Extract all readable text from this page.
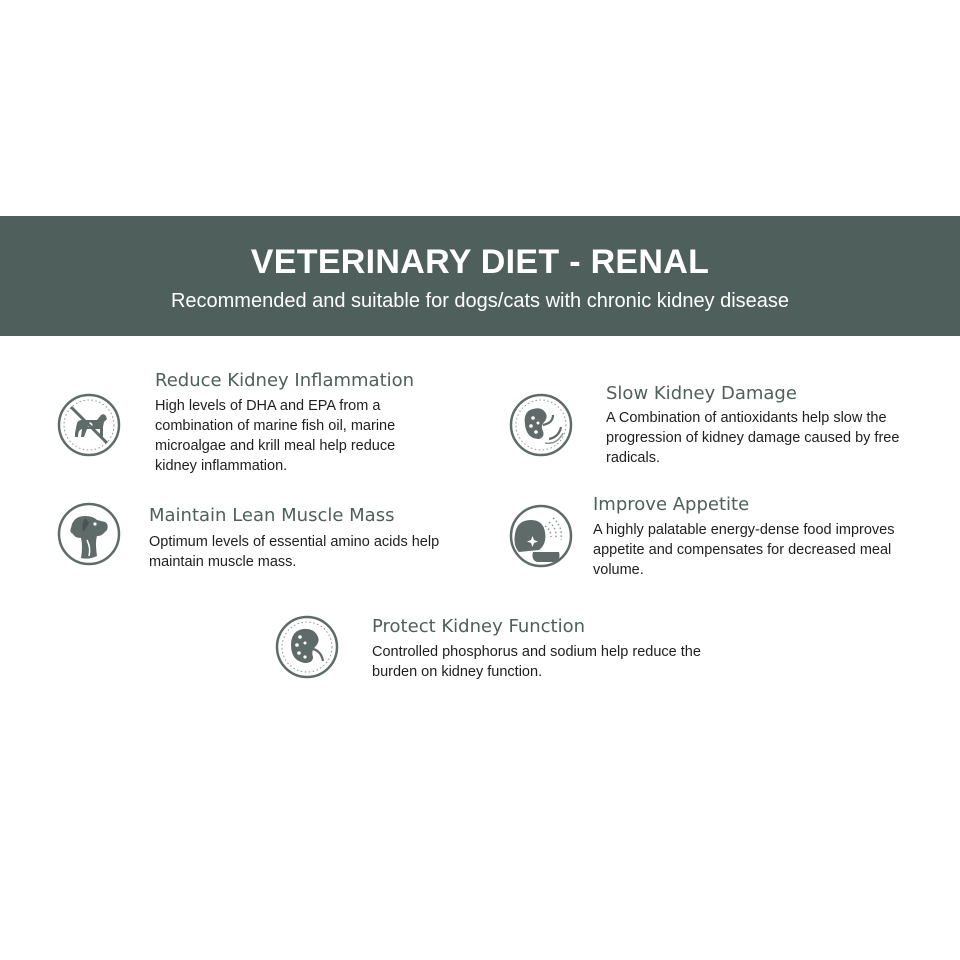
VETERINARY DIET - RENAL
Recommended and suitable for dogs/cats with chronic kidney disease
Reduce Kidney Inflammation
High levels of DHA and EPA from a combination of marine fish oil, marine microalgae and krill meal help reduce kidney inflammation.
Slow Kidney Damage
A Combination of antioxidants help slow the progression of kidney damage caused by free radicals.
Maintain Lean Muscle Mass
Optimum levels of essential amino acids help maintain muscle mass.
Improve Appetite
A highly palatable energy-dense food improves appetite and compensates for decreased meal volume.
Protect Kidney Function
Controlled phosphorus and sodium help reduce the burden on kidney function.
